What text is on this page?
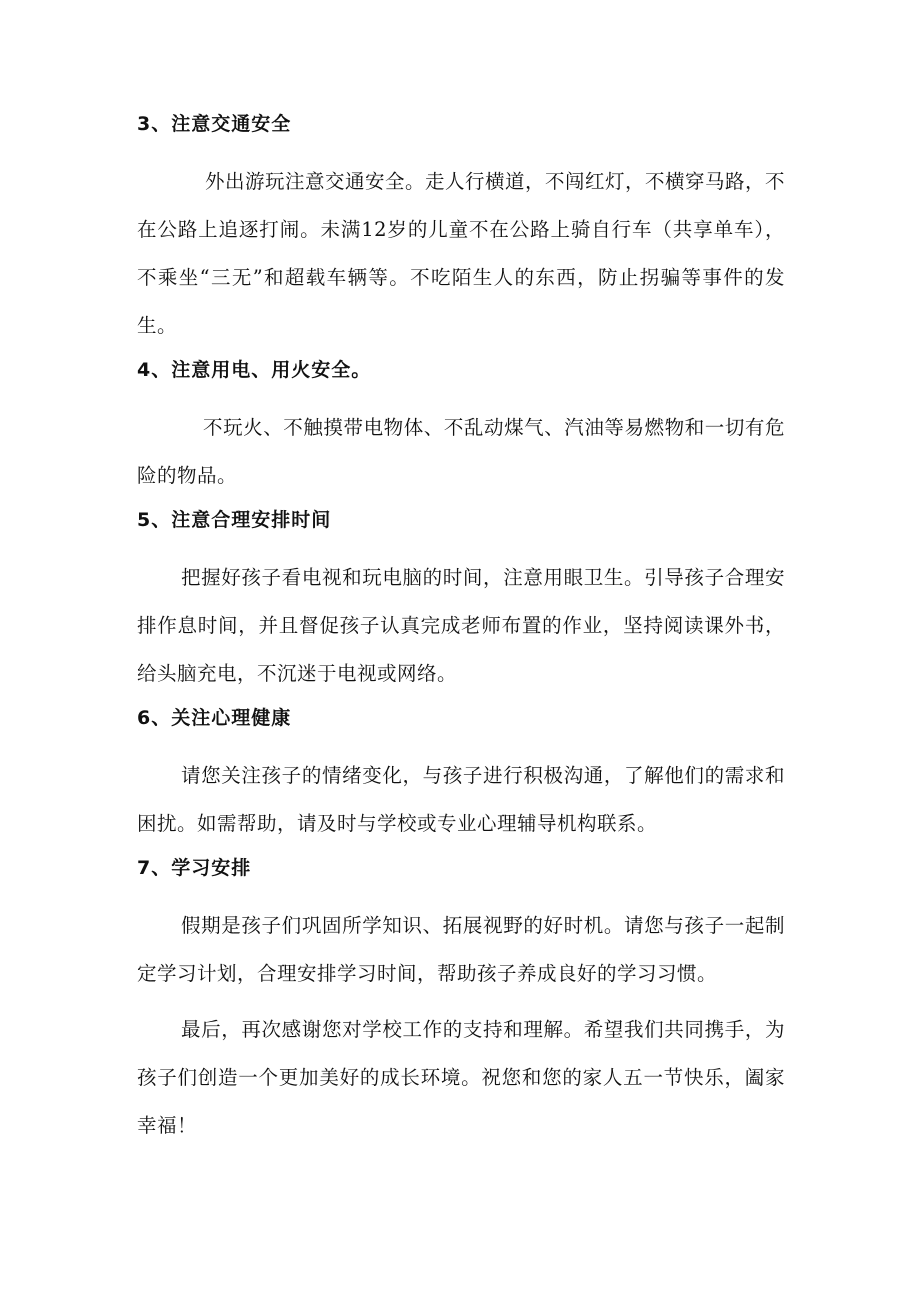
3、注意交通安全

外出游玩注意交通安全。走人行横道，不闯红灯，不横穿马路，不在公路上追逐打闹。未满12岁的儿童不在公路上骑自行车（共享单车），不乘坐“三无”和超载车辆等。不吃陌生人的东西，防止拐骗等事件的发生。

4、注意用电、用火安全。

不玩火、不触摸带电物体、不乱动煤气、汽油等易燃物和一切有危险的物品。

5、注意合理安排时间

把握好孩子看电视和玩电脑的时间，注意用眼卫生。引导孩子合理安排作息时间，并且督促孩子认真完成老师布置的作业，坚持阅读课外书，给头脑充电，不沉迷于电视或网络。

6、关注心理健康

请您关注孩子的情绪变化，与孩子进行积极沟通，了解他们的需求和困扰。如需帮助，请及时与学校或专业心理辅导机构联系。

7、学习安排

假期是孩子们巩固所学知识、拓展视野的好时机。请您与孩子一起制定学习计划，合理安排学习时间，帮助孩子养成良好的学习习惯。

最后，再次感谢您对学校工作的支持和理解。希望我们共同携手，为孩子们创造一个更加美好的成长环境。祝您和您的家人五一节快乐，阖家幸福！
